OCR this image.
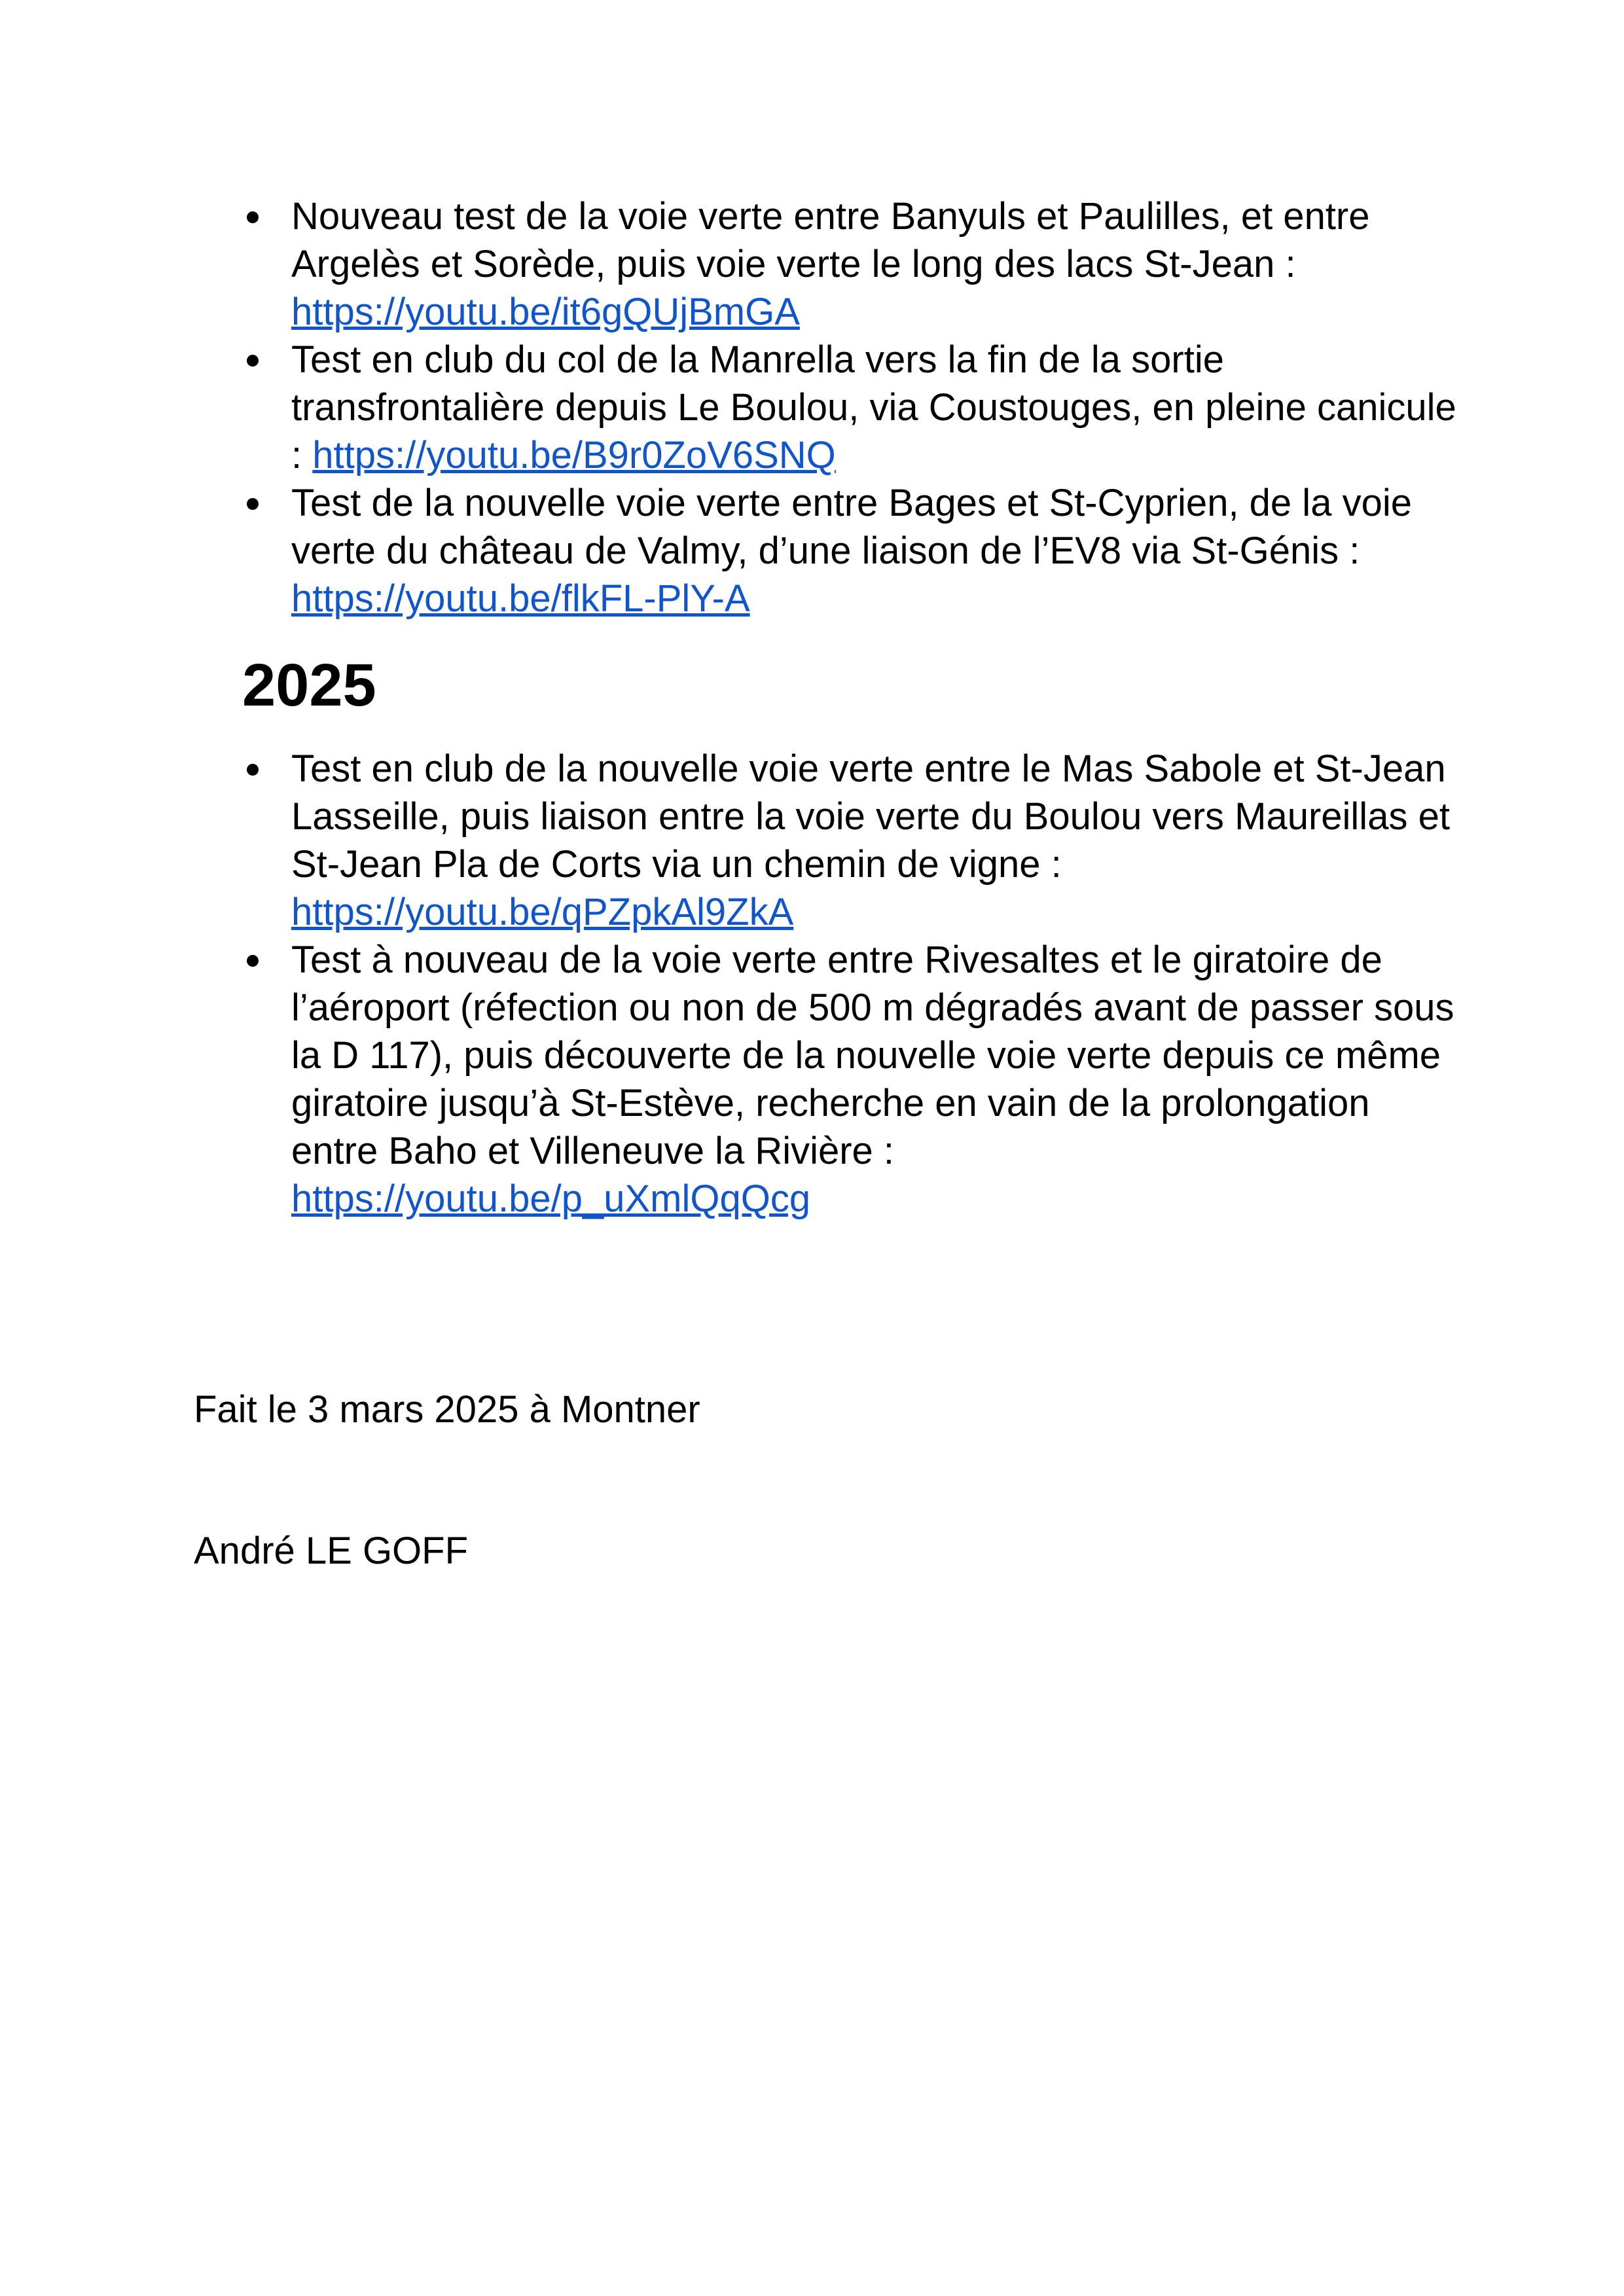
Nouveau test de la voie verte entre Banyuls et Paulilles, et entre Argelès et Sorède, puis voie verte le long des lacs St-Jean :
https://youtu.be/it6gQUjBmGA
Test en club du col de la Manrella vers la fin de la sortie transfrontalière depuis Le Boulou, via Coustouges, en pleine canicule : https://youtu.be/B9r0ZoV6SNQ
Test de la nouvelle voie verte entre Bages et St-Cyprien, de la voie verte du château de Valmy, d’une liaison de l’EV8 via St-Génis :
https://youtu.be/flkFL-PlY-A
2025
Test en club de la nouvelle voie verte entre le Mas Sabole et St-Jean Lasseille, puis liaison entre la voie verte du Boulou vers Maureillas et St-Jean Pla de Corts via un chemin de vigne :
https://youtu.be/qPZpkAl9ZkA
Test à nouveau de la voie verte entre Rivesaltes et le giratoire de l’aéroport (réfection ou non de 500 m dégradés avant de passer sous la D 117), puis découverte de la nouvelle voie verte depuis ce même giratoire jusqu’à St-Estève, recherche en vain de la prolongation entre Baho et Villeneuve la Rivière :
https://youtu.be/p_uXmlQqQcg

Fait le 3 mars 2025 à Montner

André LE GOFF
